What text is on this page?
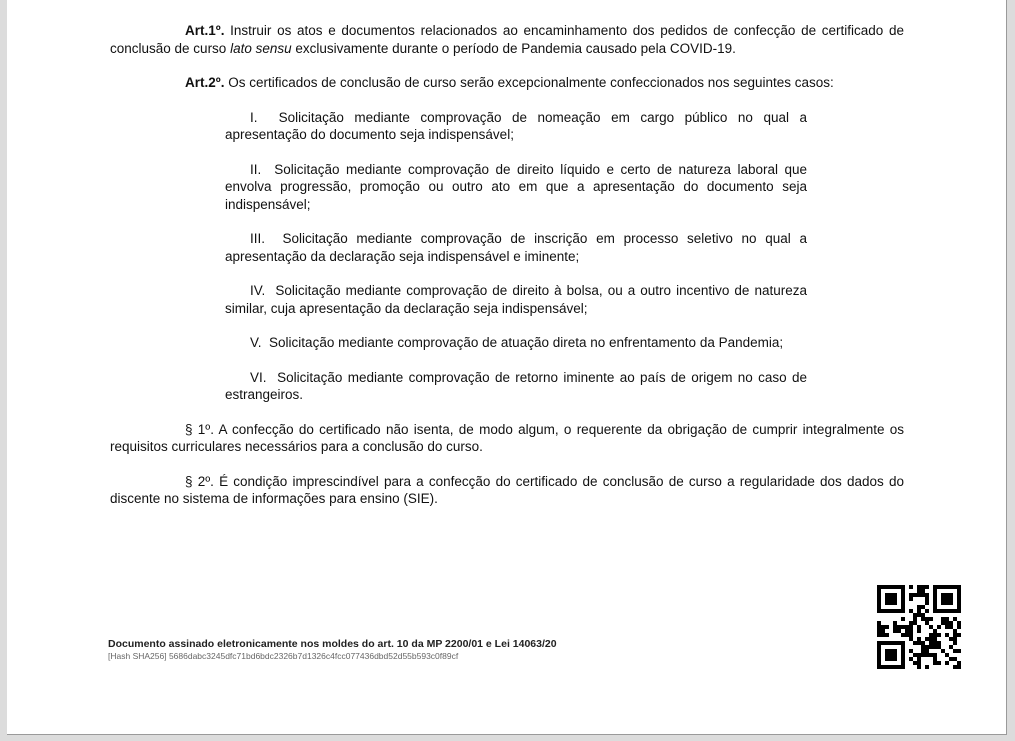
Art.1º. Instruir os atos e documentos relacionados ao encaminhamento dos pedidos de confecção de certificado de conclusão de curso lato sensu exclusivamente durante o período de Pandemia causado pela COVID-19.

Art.2º. Os certificados de conclusão de curso serão excepcionalmente confeccionados nos seguintes casos:

I. Solicitação mediante comprovação de nomeação em cargo público no qual a apresentação do documento seja indispensável;

II. Solicitação mediante comprovação de direito líquido e certo de natureza laboral que envolva progressão, promoção ou outro ato em que a apresentação do documento seja indispensável;

III. Solicitação mediante comprovação de inscrição em processo seletivo no qual a apresentação da declaração seja indispensável e iminente;

IV. Solicitação mediante comprovação de direito à bolsa, ou a outro incentivo de natureza similar, cuja apresentação da declaração seja indispensável;

V. Solicitação mediante comprovação de atuação direta no enfrentamento da Pandemia;

VI. Solicitação mediante comprovação de retorno iminente ao país de origem no caso de estrangeiros.

§ 1º. A confecção do certificado não isenta, de modo algum, o requerente da obrigação de cumprir integralmente os requisitos curriculares necessários para a conclusão do curso.

§ 2º. É condição imprescindível para a confecção do certificado de conclusão de curso a regularidade dos dados do discente no sistema de informações para ensino (SIE).

Documento assinado eletronicamente nos moldes do art. 10 da MP 2200/01 e Lei 14063/20
[Hash SHA256] 5686dabc3245dfc71bd6bdc2326b7d1326c4fcc077436dbd52d55b593c0f89cf
